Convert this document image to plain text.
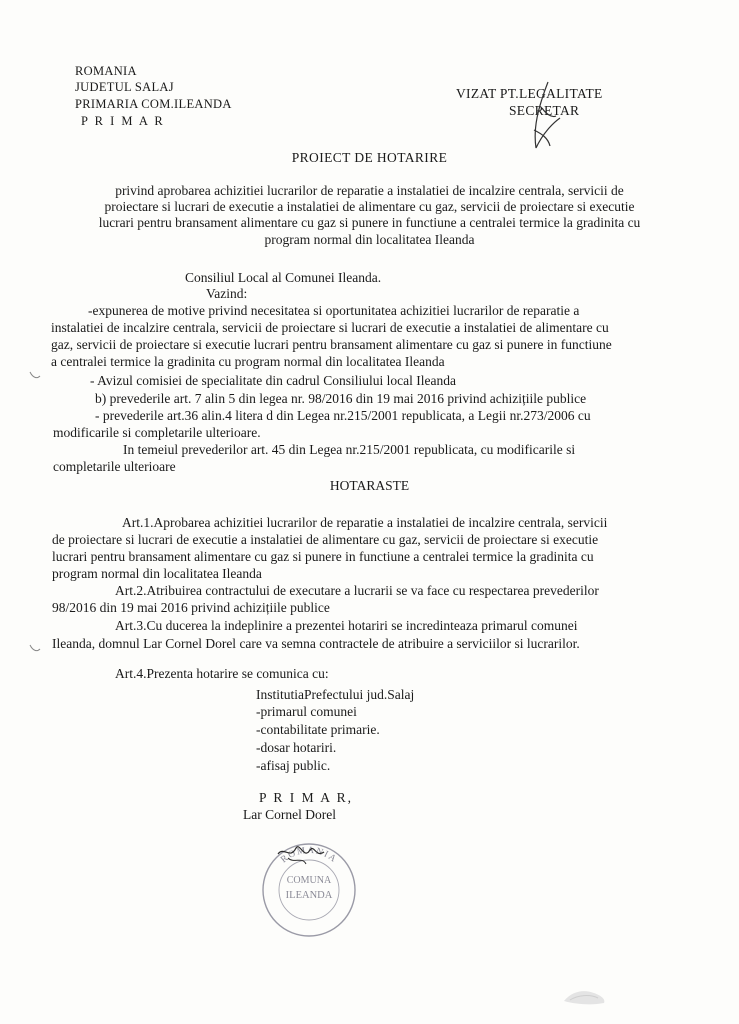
ROMANIA
JUDETUL SALAJ
PRIMARIA COM.ILEANDA
P R I M A R
VIZAT PT.LEGALITATE
SECRETAR
PROIECT DE HOTARIRE
privind aprobarea achizitiei lucrarilor de reparatie a instalatiei de incalzire centrala, servicii de
proiectare si lucrari de executie a instalatiei de alimentare cu gaz, servicii de proiectare si executie
lucrari pentru bransament alimentare cu gaz si punere in functiune a centralei termice la gradinita cu
program normal din localitatea Ileanda
Consiliul Local al Comunei Ileanda.
Vazind:
-expunerea de motive privind necesitatea si oportunitatea achizitiei lucrarilor de reparatie a
instalatiei de incalzire centrala, servicii de proiectare si lucrari de executie a instalatiei de alimentare cu
gaz, servicii de proiectare si executie lucrari pentru bransament alimentare cu gaz si punere in functiune
a centralei termice la gradinita cu program normal din localitatea Ileanda
- Avizul comisiei de specialitate din cadrul Consiliului local Ileanda
b) prevederile art. 7 alin 5 din legea nr. 98/2016 din 19 mai 2016 privind achizițiile publice
- prevederile art.36 alin.4 litera d din Legea nr.215/2001 republicata, a Legii nr.273/2006 cu
modificarile si completarile ulterioare.
In temeiul prevederilor art. 45 din Legea nr.215/2001 republicata, cu modificarile si
completarile ulterioare
HOTARASTE
Art.1.Aprobarea achizitiei lucrarilor de reparatie a instalatiei de incalzire centrala, servicii
de proiectare si lucrari de executie a instalatiei de alimentare cu gaz, servicii de proiectare si executie
lucrari pentru bransament alimentare cu gaz si punere in functiune a centralei termice la gradinita cu
program normal din localitatea Ileanda
Art.2.Atribuirea contractului de executare a lucrarii se va face cu respectarea prevederilor
98/2016 din 19 mai 2016 privind achizițiile publice
Art.3.Cu ducerea la indeplinire a prezentei hotariri se incredinteaza primarul comunei
Ileanda, domnul Lar Cornel Dorel care va semna contractele de atribuire a serviciilor si lucrarilor.
Art.4.Prezenta hotarire se comunica cu:
InstitutiaPrefectului jud.Salaj
-primarul comunei
-contabilitate primarie.
-dosar hotariri.
-afisaj public.
P R I M A R,
Lar Cornel Dorel
ROMANIA
COMUNA
ILEANDA
